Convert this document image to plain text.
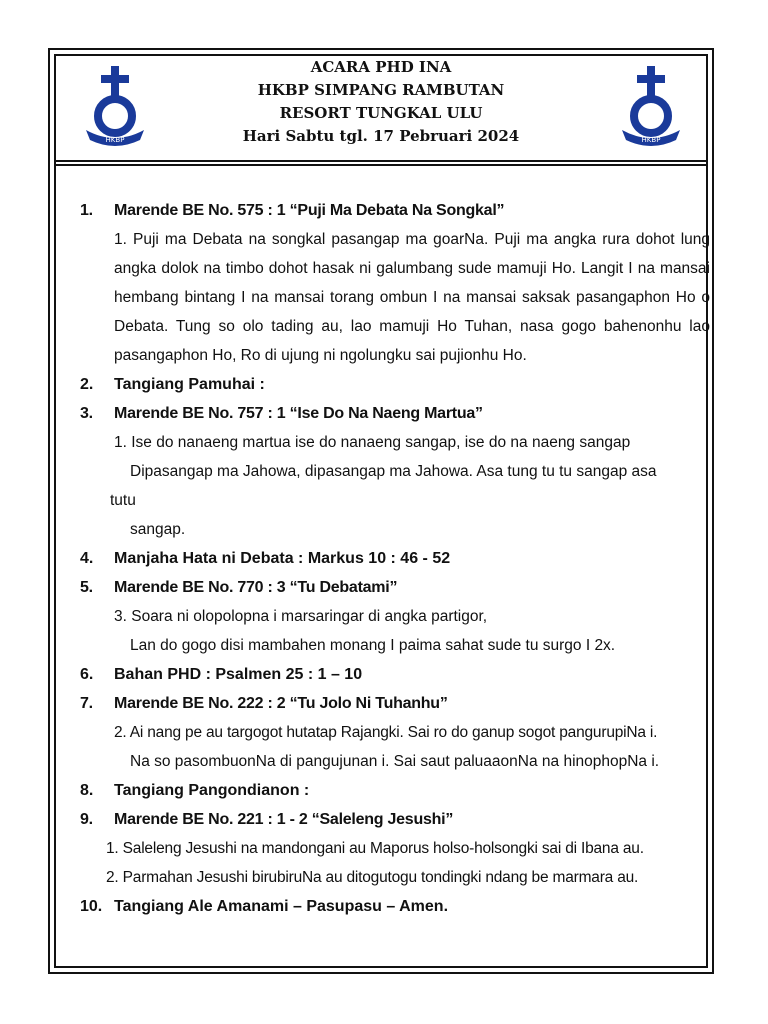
HKBP	HKBP
ACARA PHD INA
HKBP SIMPANG RAMBUTAN
RESORT TUNGKAL ULU
Hari Sabtu tgl. 17 Pebruari 2024
1. Marende BE No. 575 : 1 “Puji Ma Debata Na Songkal”
1. Puji ma Debata na songkal pasangap ma goarNa. Puji ma angka rura dohot lung angka dolok na timbo dohot hasak ni galumbang sude mamuji Ho. Langit I na mansai hembang bintang I na mansai torang ombun I na mansai saksak pasangaphon Ho o Debata. Tung so olo tading au, lao mamuji Ho Tuhan, nasa gogo bahenonhu lao pasangaphon Ho, Ro di ujung ni ngolungku sai pujionhu Ho.
2. Tangiang Pamuhai :
3. Marende BE No. 757 : 1 “Ise Do Na Naeng Martua”
1. Ise do nanaeng martua ise do nanaeng sangap, ise do na naeng sangap
Dipasangap ma Jahowa, dipasangap ma Jahowa. Asa tung tu tu sangap asa
tutu
sangap.
4. Manjaha Hata ni Debata : Markus 10 : 46 - 52
5. Marende BE No. 770 : 3 “Tu Debatami”
3. Soara ni olopolopna i marsaringar di angka partigor,
Lan do gogo disi mambahen monang I paima sahat sude tu surgo I 2x.
6. Bahan PHD : Psalmen 25 : 1 – 10
7. Marende BE No. 222 : 2 “Tu Jolo Ni Tuhanhu”
2. Ai nang pe au targogot hutatap Rajangki. Sai ro do ganup sogot pangurupiNa i.
Na so pasombuonNa di pangujunan i. Sai saut paluaaonNa na hinophopNa i.
8. Tangiang Pangondianon :
9. Marende BE No. 221 : 1 - 2 “Saleleng Jesushi”
1. Saleleng Jesushi na mandongani au Maporus holso-holsongki sai di Ibana au.
2. Parmahan Jesushi birubiruNa au ditogutogu tondingki ndang be marmara au.
10. Tangiang Ale Amanami – Pasupasu – Amen.
